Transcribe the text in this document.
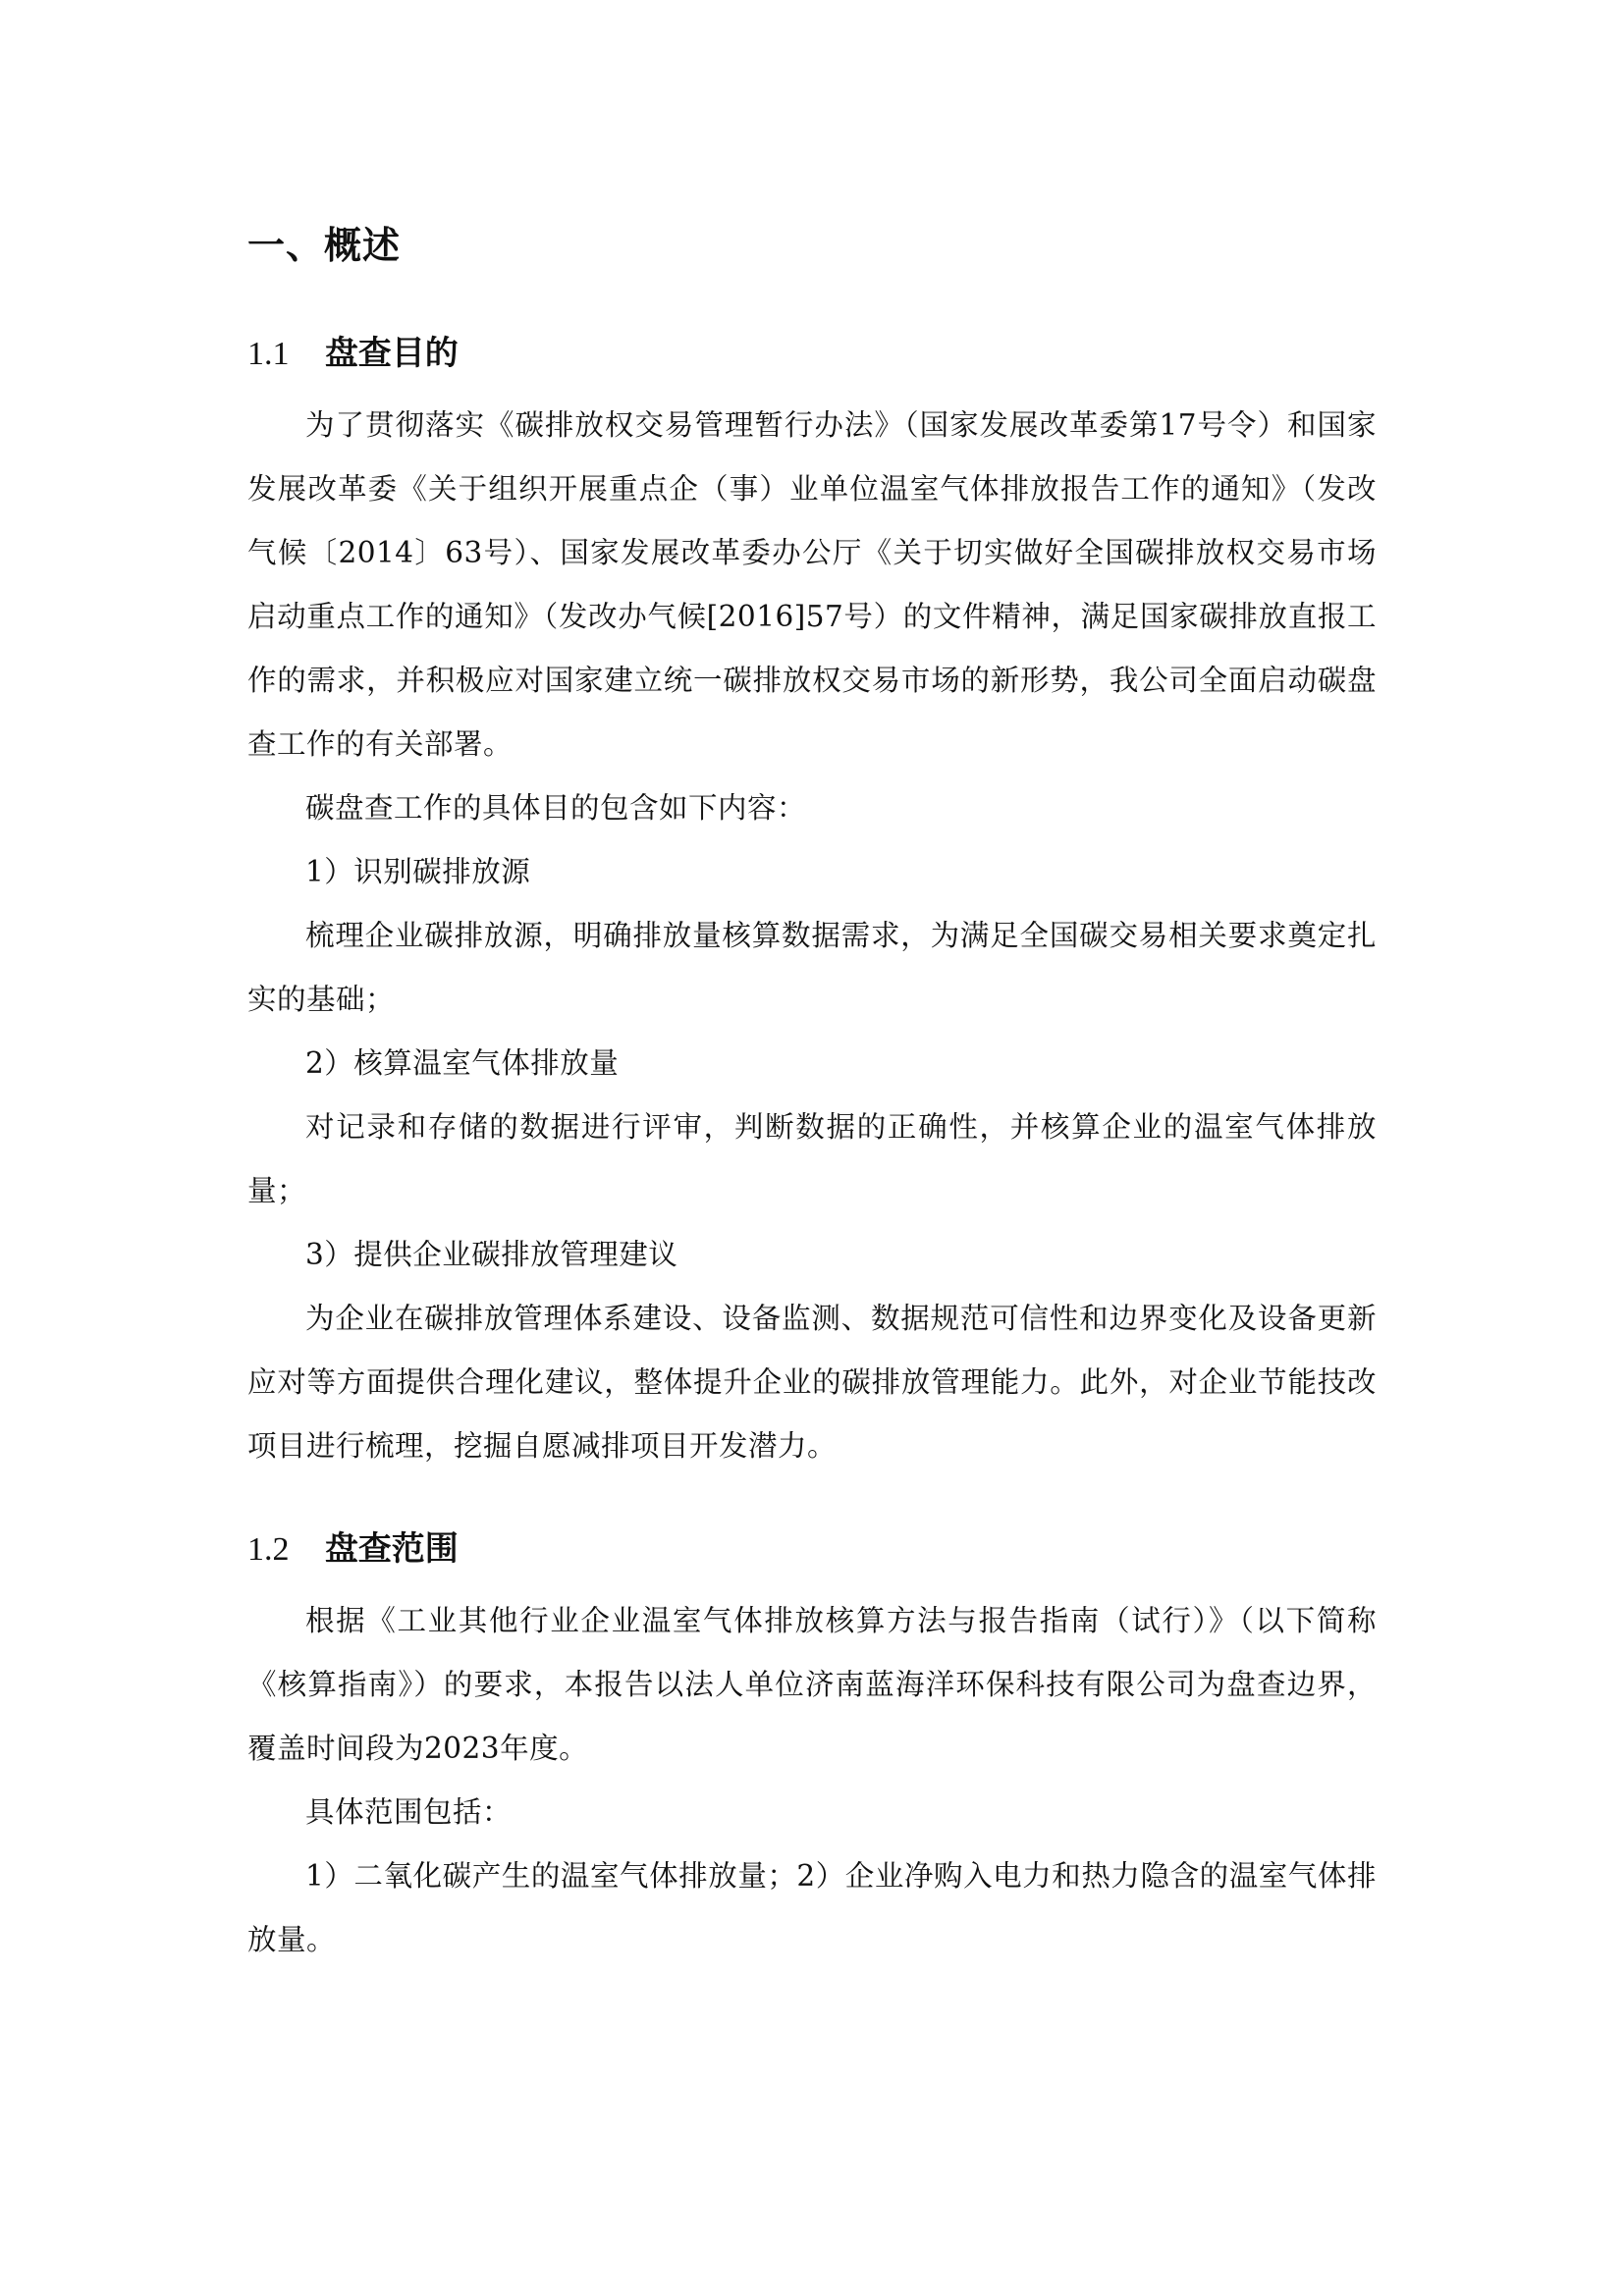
一、概述
1.1 盘查目的

为了贯彻落实《碳排放权交易管理暂行办法》（国家发展改革委第17号令）和国家发展改革委《关于组织开展重点企（事）业单位温室气体排放报告工作的通知》（发改气候〔2014〕63号）、国家发展改革委办公厅《关于切实做好全国碳排放权交易市场启动重点工作的通知》（发改办气候[2016]57号）的文件精神，满足国家碳排放直报工作的需求，并积极应对国家建立统一碳排放权交易市场的新形势，我公司全面启动碳盘查工作的有关部署。

碳盘查工作的具体目的包含如下内容：

1）识别碳排放源

梳理企业碳排放源，明确排放量核算数据需求，为满足全国碳交易相关要求奠定扎实的基础；

2）核算温室气体排放量

对记录和存储的数据进行评审，判断数据的正确性，并核算企业的温室气体排放量；

3）提供企业碳排放管理建议

为企业在碳排放管理体系建设、设备监测、数据规范可信性和边界变化及设备更新应对等方面提供合理化建议，整体提升企业的碳排放管理能力。此外，对企业节能技改项目进行梳理，挖掘自愿减排项目开发潜力。

1.2 盘查范围

根据《工业其他行业企业温室气体排放核算方法与报告指南（试行）》（以下简称《核算指南》）的要求，本报告以法人单位济南蓝海洋环保科技有限公司为盘查边界，覆盖时间段为2023年度。

具体范围包括：

1）二氧化碳产生的温室气体排放量；2）企业净购入电力和热力隐含的温室气体排放量。
